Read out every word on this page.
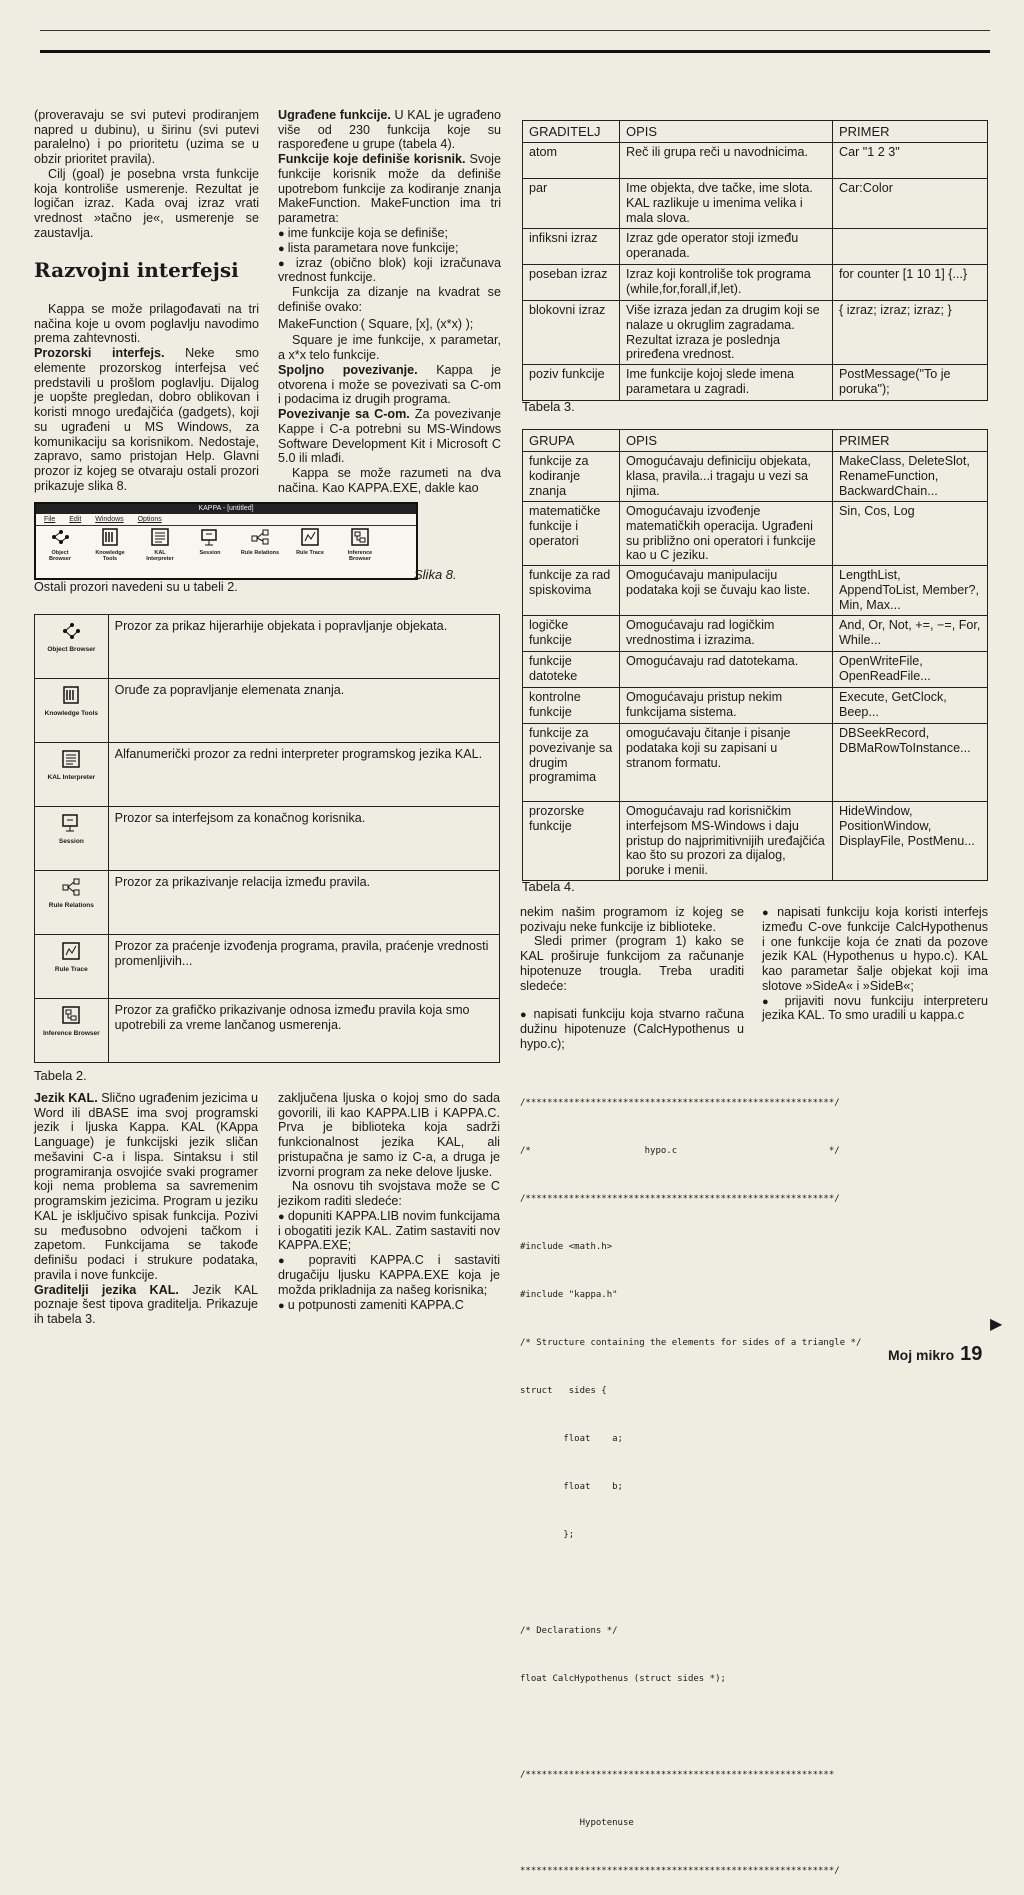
(proveravaju se svi putevi prodiranjem napred u dubinu), u širinu (svi putevi paralelno) i po prioritetu (uzima se u obzir prioritet pravila).

Cilj (goal) je posebna vrsta funkcije koja kontroliše usmerenje. Rezultat je logičan izraz. Kada ovaj izraz vrati vrednost »tačno je«, usmerenje se zaustavlja.

Razvojni interfejsi

Kappa se može prilagođavati na tri načina koje u ovom poglavlju navodimo prema zahtevnosti.

Prozorski interfejs. Neke smo elemente prozorskog interfejsa već predstavili u prošlom poglavlju. Dijalog je uopšte pregledan, dobro oblikovan i koristi mnogo uređajčića (gadgets), koji su ugrađeni u MS Windows, za komunikaciju sa korisnikom. Nedostaje, zapravo, samo pristojan Help. Glavni prozor iz kojeg se otvaraju ostali prozori prikazuje slika 8.

Ugrađene funkcije. U KAL je ugrađeno više od 230 funkcija koje su raspoređene u grupe (tabela 4).

Funkcije koje definiše korisnik. Svoje funkcije korisnik može da definiše upotrebom funkcije za kodiranje znanja MakeFunction. MakeFunction ima tri parametra:

● ime funkcije koja se definiše;

● lista parametara nove funkcije;

● izraz (obično blok) koji izračunava vrednost funkcije.

Funkcija za dizanje na kvadrat se definiše ovako:

MakeFunction ( Square, [x], (x*x) );

Square je ime funkcije, x parametar, a x*x telo funkcije.

Spoljno povezivanje. Kappa je otvorena i može se povezivati sa C-om i podacima iz drugih programa.

Povezivanje sa C-om. Za povezivanje Kappe i C-a potrebni su MS-Windows Software Development Kit i Microsoft C 5.0 ili mlađi.

Kappa se može razumeti na dva načina. Kao KAPPA.EXE, dakle kao

KAPPA - [untitled]
File Edit Windows Options
Object Browser
Knowledge Tools
KAL Interpreter
Session	Rule Relations	Rule Trace	Inference Browser
Slika 8.

Ostali prozori navedeni su u tabeli 2.

Object Browser	Prozor za prikaz hijerarhije objekata i popravljanje objekata.

Knowledge Tools	Oruđe za popravljanje elemenata znanja.

KAL Interpreter	Alfanumerički prozor za redni interpreter programskog jezika KAL.

Session	Prozor sa interfejsom za konačnog korisnika.

Rule Relations	Prozor za prikazivanje relacija između pravila.

Rule Trace	Prozor za praćenje izvođenja programa, pravila, praćenje vrednosti promenljivih...

Inference Browser	Prozor za grafičko prikazivanje odnosa između pravila koja smo upotrebili za vreme lančanog usmerenja.
Tabela 2.
GRADITELJ	OPIS	PRIMER
atom	Reč ili grupa reči u navodnicima.	Car "1 2 3"
par	Ime objekta, dve tačke, ime slota. KAL razlikuje u imenima velika i mala slova.	Car:Color
infiksni izraz	Izraz gde operator stoji između operanada.	
poseban izraz	Izraz koji kontroliše tok programa (while,for,forall,if,let).	for counter [1 10 1] {...}
blokovni izraz	Više izraza jedan za drugim koji se nalaze u okruglim zagradama. Rezultat izraza je poslednja priređena vrednost.	{ izraz; izraz; izraz; }
poziv funkcije	Ime funkcije kojoj slede imena parametara u zagradi.	PostMessage("To je poruka");
Tabela 3.
GRUPA	OPIS	PRIMER
funkcije za kodiranje znanja	Omogućavaju definiciju objekata, klasa, pravila...i tragaju u vezi sa njima.	MakeClass, DeleteSlot, RenameFunction, BackwardChain...
matematičke funkcije i operatori	Omogućavaju izvođenje matematičkih operacija. Ugrađeni su približno oni operatori i funkcije kao u C jeziku.	Sin, Cos, Log
funkcije za rad spiskovima	Omogućavaju manipulaciju podataka koji se čuvaju kao liste.	LengthList, AppendToList, Member?, Min, Max...
logičke funkcije	Omogućavaju rad logičkim vrednostima i izrazima.	And, Or, Not, +=, −=, For, While...
funkcije datoteke	Omogućavaju rad datotekama.	OpenWriteFile, OpenReadFile...
kontrolne funkcije	Omogućavaju pristup nekim funkcijama sistema.	Execute, GetClock, Beep...
funkcije za povezivanje sa drugim programima	omogućavaju čitanje i pisanje podataka koji su zapisani u stranom formatu.	DBSeekRecord, DBMaRowToInstance...
prozorske funkcije	Omogućavaju rad korisničkim interfejsom MS-Windows i daju pristup do najprimitivnijih uređajčića kao što su prozori za dijalog, poruke i menii.	HideWindow, PositionWindow, DisplayFile, PostMenu...
Tabela 4.

Jezik KAL. Slično ugrađenim jezicima u Word ili dBASE ima svoj programski jezik i ljuska Kappa. KAL (KAppa Language) je funkcijski jezik sličan mešavini C-a i lispa. Sintaksu i stil programiranja osvojiće svaki programer koji nema problema sa savremenim programskim jezicima. Program u jeziku KAL je isključivo spisak funkcija. Pozivi su međusobno odvojeni tačkom i zapetom. Funkcijama se takođe definišu podaci i strukure podataka, pravila i nove funkcije.

Graditelji jezika KAL. Jezik KAL poznaje šest tipova graditelja. Prikazuje ih tabela 3.

zaključena ljuska o kojoj smo do sada govorili, ili kao KAPPA.LIB i KAPPA.C. Prva je biblioteka koja sadrži funkcionalnost jezika KAL, ali pristupačna je samo iz C-a, a druga je izvorni program za neke delove ljuske.

Na osnovu tih svojstava može se C jezikom raditi sledeće:

● dopuniti KAPPA.LIB novim funkcijama i obogatiti jezik KAL. Zatim sastaviti nov KAPPA.EXE;

● popraviti KAPPA.C i sastaviti drugačiju ljusku KAPPA.EXE koja je možda prikladnija za našeg korisnika;

● u potpunosti zameniti KAPPA.C

nekim našim programom iz kojeg se pozivaju neke funkcije iz biblioteke.

Sledi primer (program 1) kako se KAL proširuje funkcijom za računanje hipotenuze trougla. Treba uraditi sledeće:

● napisati funkciju koja stvarno računa dužinu hipotenuze (CalcHypothenus u hypo.c);

● napisati funkciju koja koristi interfejs između C-ove funkcije CalcHypothenus i one funkcije koja će znati da pozove jezik KAL (Hypothenus u hypo.c). KAL kao parametar šalje objekat koji ima slotove »SideA« i »SideB«;

● prijaviti novu funkciju interpreteru jezika KAL. To smo uradili u kappa.c

/*********************************************************/

/*                     hypo.c                            */

/*********************************************************/

#include <math.h>

#include "kappa.h"

/* Structure containing the elements for sides of a triangle */

struct   sides {

float    a;

float    b;

};

/* Declarations */

float CalcHypothenus (struct sides *);

/*********************************************************

Hypotenuse

**********************************************************/

▶
Moj mikro 19
